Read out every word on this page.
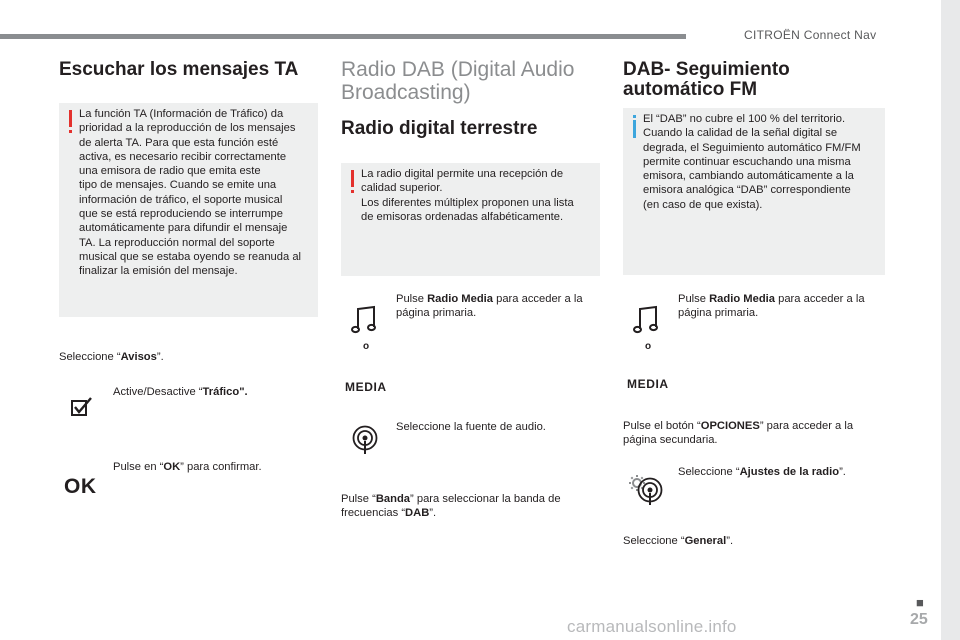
CITROËN Connect Nav
■
25
carmanualsonline.info
Escuchar los mensajes TA
La función TA (Información de Tráfico) da
prioridad a la reproducción de los mensajes
de alerta TA. Para que esta función esté
activa, es necesario recibir correctamente
una emisora de radio que emita este
tipo de mensajes. Cuando se emite una
información de tráfico, el soporte musical
que se está reproduciendo se interrumpe
automáticamente para difundir el mensaje
TA. La reproducción normal del soporte
musical que se estaba oyendo se reanuda al
finalizar la emisión del mensaje.
Seleccione “Avisos”.
Active/Desactive “Tráfico".
OK
Pulse en “OK” para confirmar.
Radio DAB (Digital Audio
Broadcasting)
Radio digital terrestre
La radio digital permite una recepción de
calidad superior.
Los diferentes múltiplex proponen una lista
de emisoras ordenadas alfabéticamente.
o
MEDIA
Pulse Radio Media para acceder a la página primaria.
Seleccione la fuente de audio.
Pulse “Banda” para seleccionar la banda de frecuencias “DAB”.
DAB- Seguimiento
automático FM
El “DAB” no cubre el 100 % del territorio.
Cuando la calidad de la señal digital se
degrada, el Seguimiento automático FM/FM
permite continuar escuchando una misma
emisora, cambiando automáticamente a la
emisora analógica “DAB” correspondiente
(en caso de que exista).
o
MEDIA
Pulse Radio Media para acceder a la página primaria.
Pulse el botón “OPCIONES” para acceder a la página secundaria.
Seleccione “Ajustes de la radio”.
Seleccione “General”.
